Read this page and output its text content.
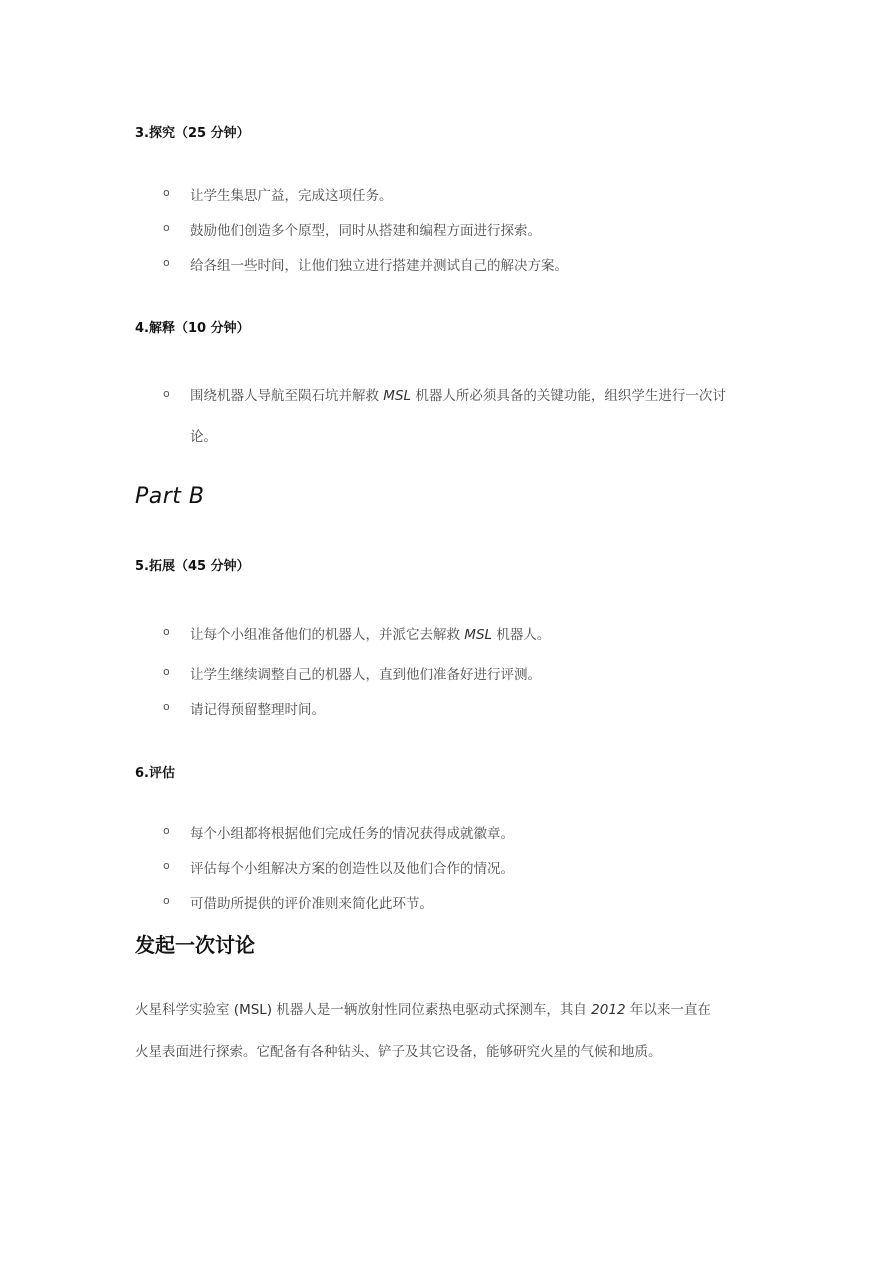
3.探究（25 分钟）
o 让学生集思广益，完成这项任务。
o 鼓励他们创造多个原型，同时从搭建和编程方面进行探索。
o 给各组一些时间，让他们独立进行搭建并测试自己的解决方案。
4.解释（10 分钟）
o 围绕机器人导航至陨石坑并解救 MSL 机器人所必须具备的关键功能，组织学生进行一次讨
论。
Part B
5.拓展（45 分钟）
o 让每个小组准备他们的机器人，并派它去解救 MSL 机器人。
o 让学生继续调整自己的机器人，直到他们准备好进行评测。
o 请记得预留整理时间。
6.评估
o 每个小组都将根据他们完成任务的情况获得成就徽章。
o 评估每个小组解决方案的创造性以及他们合作的情况。
o 可借助所提供的评价准则来简化此环节。
发起一次讨论
火星科学实验室 (MSL) 机器人是一辆放射性同位素热电驱动式探测车，其自 2012 年以来一直在
火星表面进行探索。它配备有各种钻头、铲子及其它设备，能够研究火星的气候和地质。
